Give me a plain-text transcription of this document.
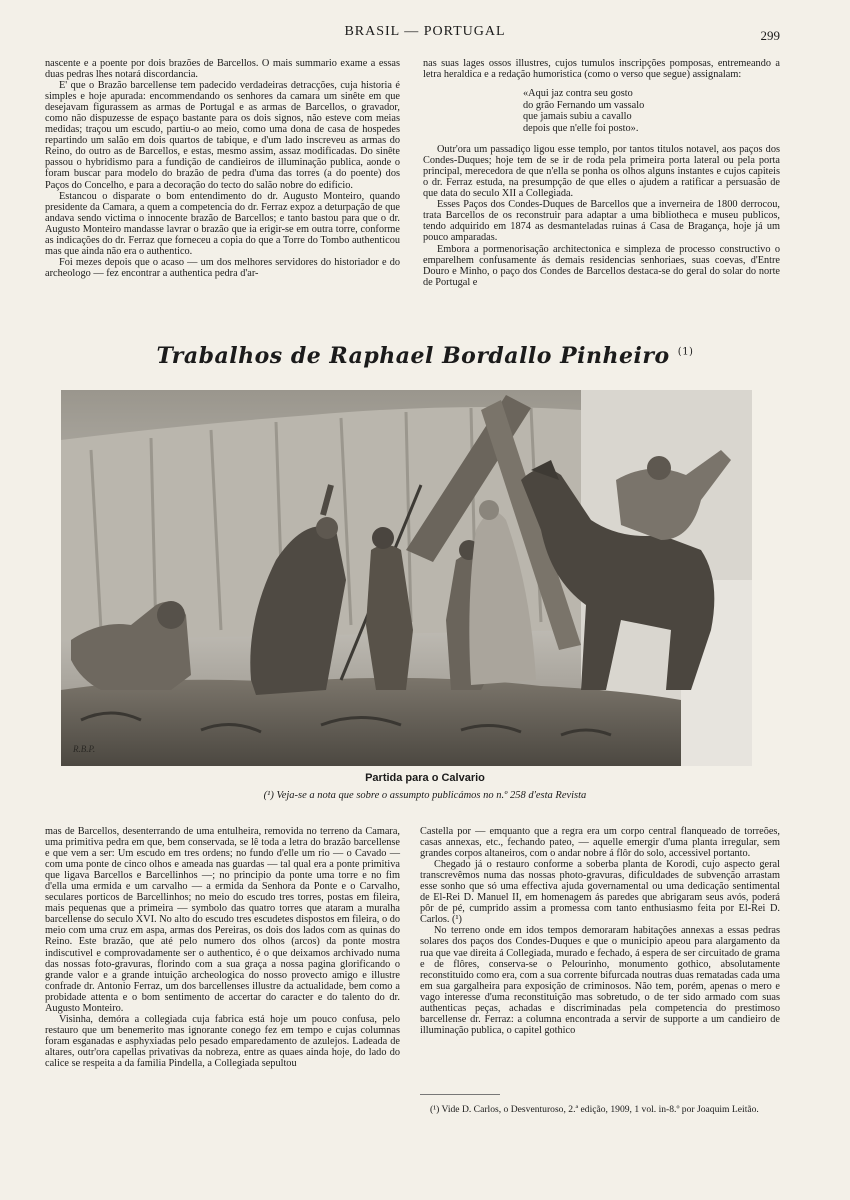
BRASIL — PORTUGAL	299

nascente e a poente por dois brazões de Barcellos. O mais summario exame a essas duas pedras lhes notará discordancia.

E' que o Brazão barcellense tem padecido verdadeiras detracções, cuja historia é simples e hoje apurada: encommendando os senhores da camara um sinête em que desejavam figurassem as armas de Portugal e as armas de Barcellos, o gravador, como não dispuzesse de espaço bastante para os dois signos, não esteve com meias medidas; traçou um escudo, partiu-o ao meio, como uma dona de casa de hospedes repartindo um salão em dois quartos de tabique, e d'um lado inscreveu as armas do Reino, do outro as de Barcellos, e estas, mesmo assim, assaz modificadas. Do sinête passou o hybridismo para a fundição de candieiros de illuminação publica, aonde o foram buscar para modelo do brazão de pedra d'uma das torres (a do poente) dos Paços do Concelho, e para a decoração do tecto do salão nobre do edificio.

Estancou o disparate o bom entendimento do dr. Augusto Monteiro, quando presidente da Camara, a quem a competencia do dr. Ferraz expoz a deturpação de que andava sendo victima o innocente brazão de Barcellos; e tanto bastou para que o dr. Augusto Monteiro mandasse lavrar o brazão que ia erigir-se em outra torre, conforme as indicações do dr. Ferraz que forneceu a copia do que a Torre do Tombo authenticou mas que ainda não era o authentico.

Foi mezes depois que o acaso — um dos melhores servidores do historiador e do archeologo — fez encontrar a authentica pedra d'ar-

nas suas lages ossos illustres, cujos tumulos inscripções pomposas, entremeando a letra heraldica e a redação humoristica (como o verso que segue) assignalam:

«Aqui jaz contra seu gosto
do grão Fernando um vassalo
que jamais subiu a cavallo
depois que n'elle foi posto».

Outr'ora um passadiço ligou esse templo, por tantos titulos notavel, aos paços dos Condes-Duques; hoje tem de se ir de roda pela primeira porta lateral ou pela porta principal, merecedora de que n'ella se ponha os olhos alguns instantes e cujos capiteis o dr. Ferraz estuda, na presumpção de que elles o ajudem a ratificar a persuasão de que data do seculo XII a Collegiada.

Esses Paços dos Condes-Duques de Barcellos que a inverneira de 1800 derrocou, trata Barcellos de os reconstruir para adaptar a uma bibliotheca e museu publicos, tendo adquirido em 1874 as desmanteladas ruinas á Casa de Bragança, hoje já um pouco amparadas.

Embora a pormenorisação architectonica e simpleza de processo constructivo o emparelhem confusamente ás demais residencias senhoriaes, suas coevas, d'Entre Douro e Minho, o paço dos Condes de Barcellos destaca-se do geral do solar do norte de Portugal e

Trabalhos de Raphael Bordallo Pinheiro $^{(1)}$
R.B.P.
Partida para o Calvario
(¹) Veja-se a nota que sobre o assumpto publicámos no n.º 258 d'esta Revista

mas de Barcellos, desenterrando de uma entulheira, removida no terreno da Camara, uma primitiva pedra em que, bem conservada, se lê toda a letra do brazão barcellense e que vem a ser: Um escudo em tres ordens; no fundo d'elle um rio — o Cavado — com uma ponte de cinco olhos e ameada nas guardas — tal qual era a ponte primitiva que ligava Barcellos e Barcellinhos —; no principio da ponte uma torre e no fim d'ella uma ermida e um carvalho — a ermida da Senhora da Ponte e o Carvalho, seculares porticos de Barcellinhos; no meio do escudo tres torres, postas em fileira, mais pequenas que a primeira — symbolo das quatro torres que ataram a muralha barcellense do seculo XVI. No alto do escudo tres escudetes dispostos em fileira, o do meio com uma cruz em aspa, armas dos Pereiras, os dois dos lados com as quinas do Reino. Este brazão, que até pelo numero dos olhos (arcos) da ponte mostra indiscutivel e comprovadamente ser o authentico, é o que deixamos archivado numa das nossas foto-gravuras, florindo com a sua graça a nossa pagina glorificando o grande valor e a grande intuição archeologica do nosso provecto amigo e illustre confrade dr. Antonio Ferraz, um dos barcellenses illustre da actualidade, bem como a probidade attenta e o bom sentimento de accertar do caracter e do talento do dr. Augusto Monteiro.

Visinha, demóra a collegiada cuja fabrica está hoje um pouco confusa, pelo restauro que um benemerito mas ignorante conego fez em tempo e cujas columnas foram esganadas e asphyxiadas pelo pesado emparedamento de azulejos. Ladeada de altares, outr'ora capellas privativas da nobreza, entre as quaes ainda hoje, do lado do calice se respeita a da familia Pindella, a Collegiada sepultou

Castella por — emquanto que a regra era um corpo central flanqueado de torreões, casas annexas, etc., fechando pateo, — aquelle emergir d'uma planta irregular, sem grandes corpos altaneiros, com o andar nobre á flôr do solo, accessivel portanto.

Chegado já o restauro conforme a soberba planta de Korodi, cujo aspecto geral transcrevêmos numa das nossas photo-gravuras, dificuldades de subvenção arrastam esse sonho que só uma effectiva ajuda governamental ou uma dedicação sentimental de El-Rei D. Manuel II, em homenagem ás paredes que abrigaram seus avós, poderá pôr de pé, cumprido assim a promessa com tanto enthusiasmo feita por El-Rei D. Carlos. (¹)

No terreno onde em idos tempos demoraram habitações annexas a essas pedras solares dos paços dos Condes-Duques e que o municipio apeou para alargamento da rua que vae direita á Collegiada, murado e fechado, á espera de ser circuitado de grama e de flôres, conserva-se o Pelourinho, monumento gothico, absolutamente reconstituido como era, com a sua corrente bifurcada noutras duas rematadas cada uma em sua gargalheira para exposição de criminosos. Não tem, porém, apenas o mero e vago interesse d'uma reconstituição mas sobretudo, o de ter sido armado com suas authenticas peças, achadas e discriminadas pela competencia do prestimoso barcellense dr. Ferraz: a columna encontrada a servir de supporte a um candieiro de illuminação publica, o capitel gothico

(¹) Vide D. Carlos, o Desventuroso, 2.ª edição, 1909, 1 vol. in-8.º por Joaquim Leitão.
